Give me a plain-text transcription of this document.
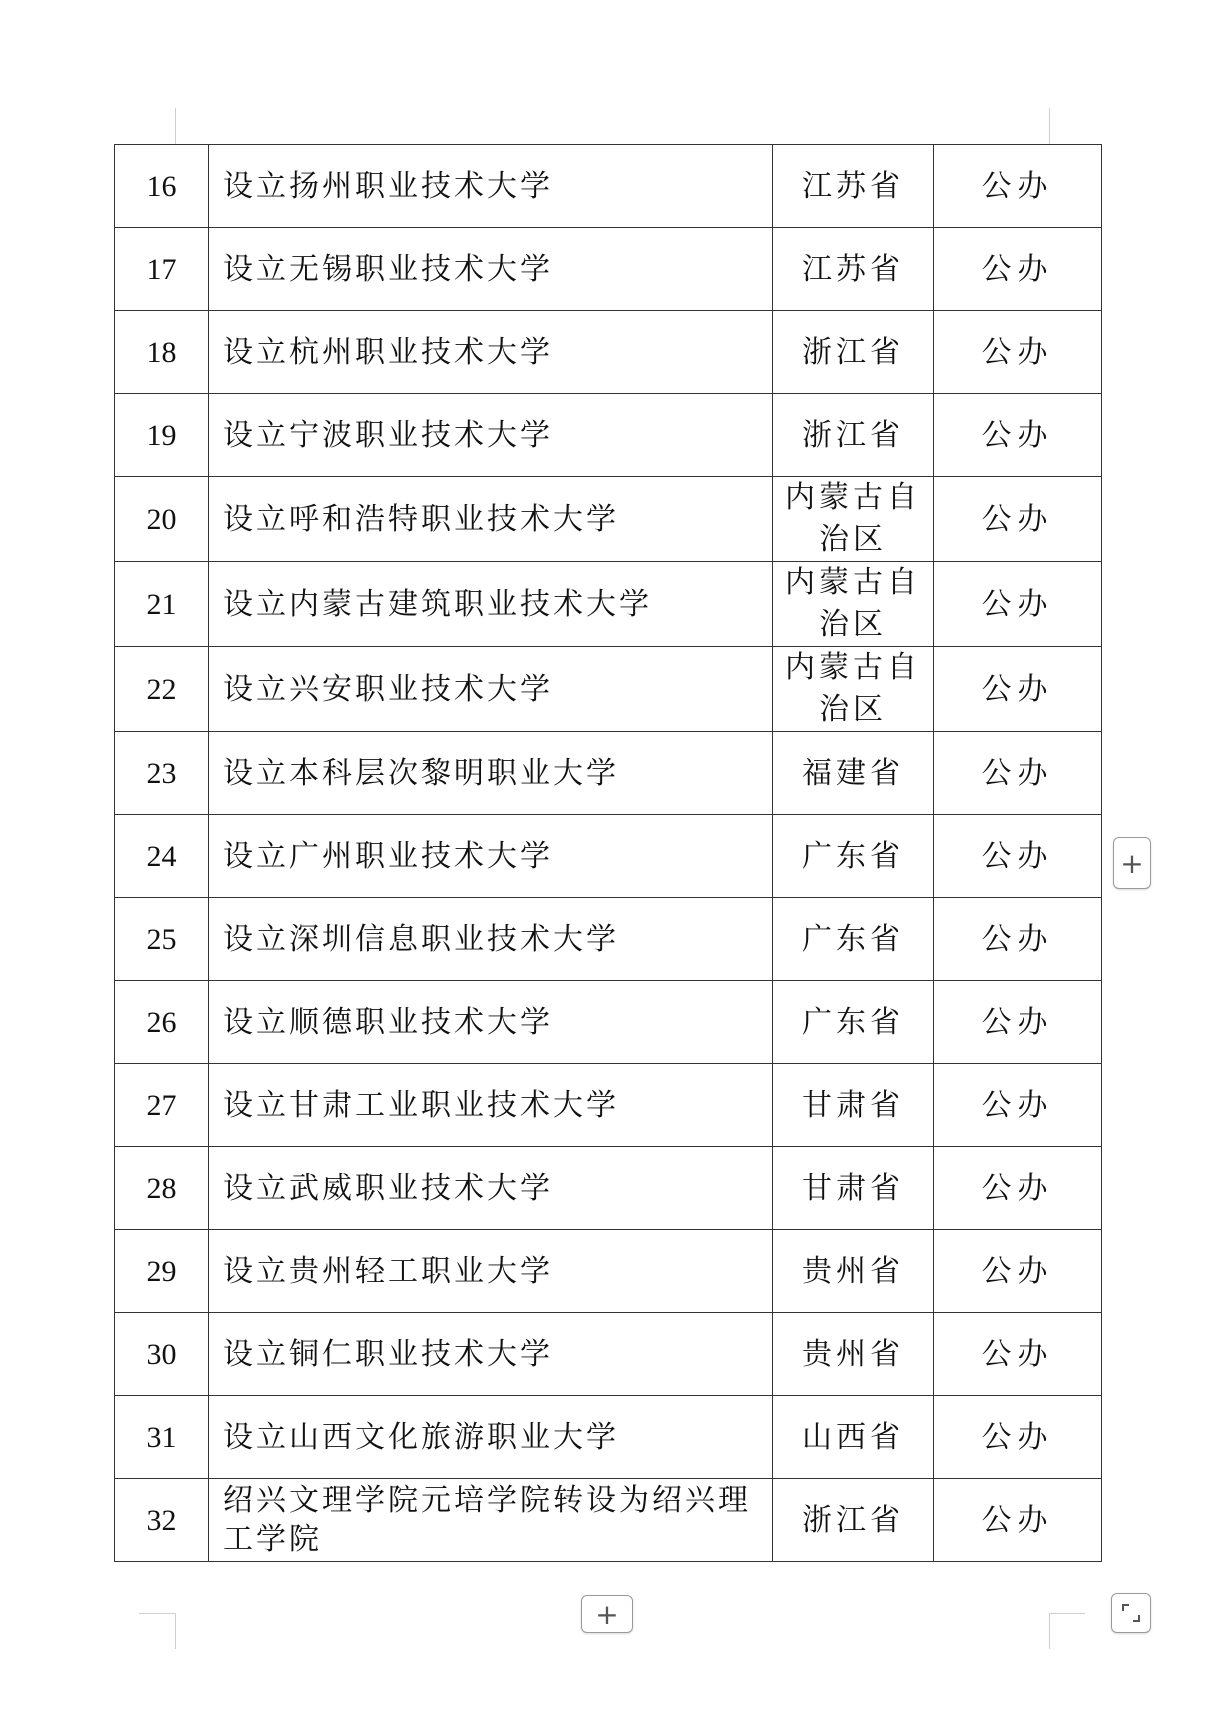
16	设立扬州职业技术大学	江苏省	公办
17	设立无锡职业技术大学	江苏省	公办
18	设立杭州职业技术大学	浙江省	公办
19	设立宁波职业技术大学	浙江省	公办
20	设立呼和浩特职业技术大学	内蒙古自治区	公办
21	设立内蒙古建筑职业技术大学	内蒙古自治区	公办
22	设立兴安职业技术大学	内蒙古自治区	公办
23	设立本科层次黎明职业大学	福建省	公办
24	设立广州职业技术大学	广东省	公办
25	设立深圳信息职业技术大学	广东省	公办
26	设立顺德职业技术大学	广东省	公办
27	设立甘肃工业职业技术大学	甘肃省	公办
28	设立武威职业技术大学	甘肃省	公办
29	设立贵州轻工职业大学	贵州省	公办
30	设立铜仁职业技术大学	贵州省	公办
31	设立山西文化旅游职业大学	山西省	公办
32	绍兴文理学院元培学院转设为绍兴理工学院	浙江省	公办
+
+
